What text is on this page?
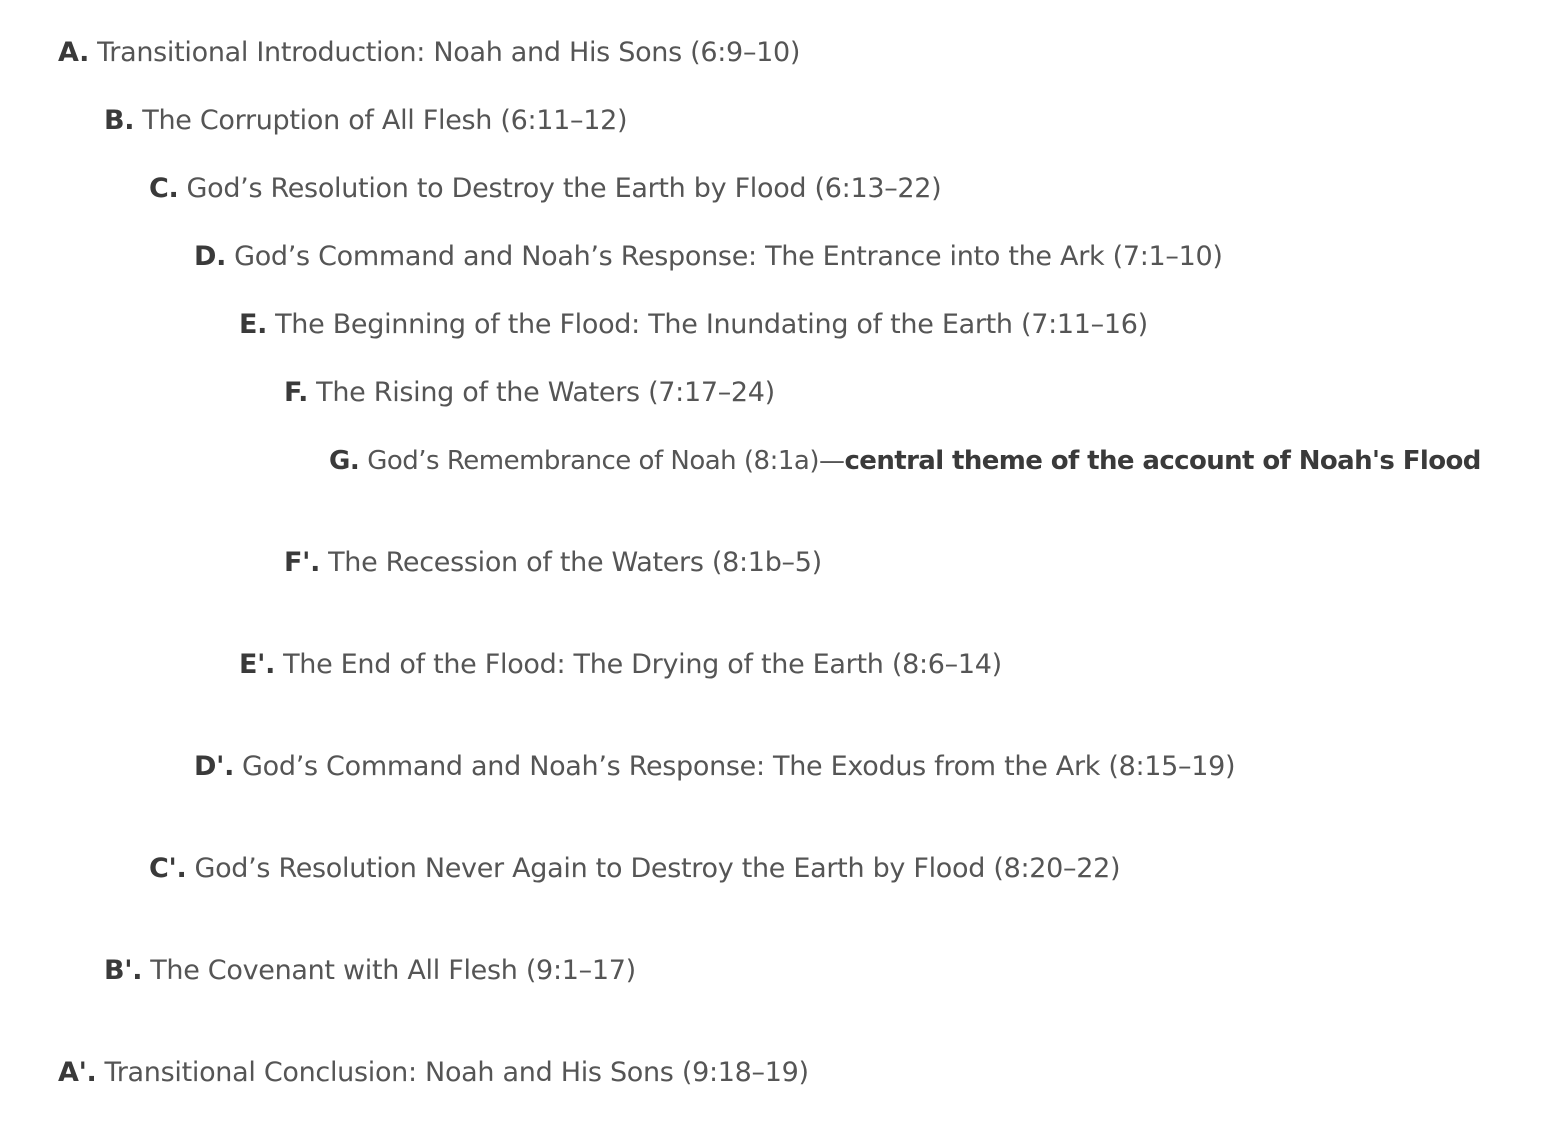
A. Transitional Introduction: Noah and His Sons (6:9–10)
B. The Corruption of All Flesh (6:11–12)
C. God’s Resolution to Destroy the Earth by Flood (6:13–22)
D. God’s Command and Noah’s Response: The Entrance into the Ark (7:1–10)
E. The Beginning of the Flood: The Inundating of the Earth (7:11–16)
F. The Rising of the Waters (7:17–24)
G. God’s Remembrance of Noah (8:1a)—central theme of the account of Noah's Flood
F'. The Recession of the Waters (8:1b–5)
E'. The End of the Flood: The Drying of the Earth (8:6–14)
D'. God’s Command and Noah’s Response: The Exodus from the Ark (8:15–19)
C'. God’s Resolution Never Again to Destroy the Earth by Flood (8:20–22)
B'. The Covenant with All Flesh (9:1–17)
A'. Transitional Conclusion: Noah and His Sons (9:18–19)
